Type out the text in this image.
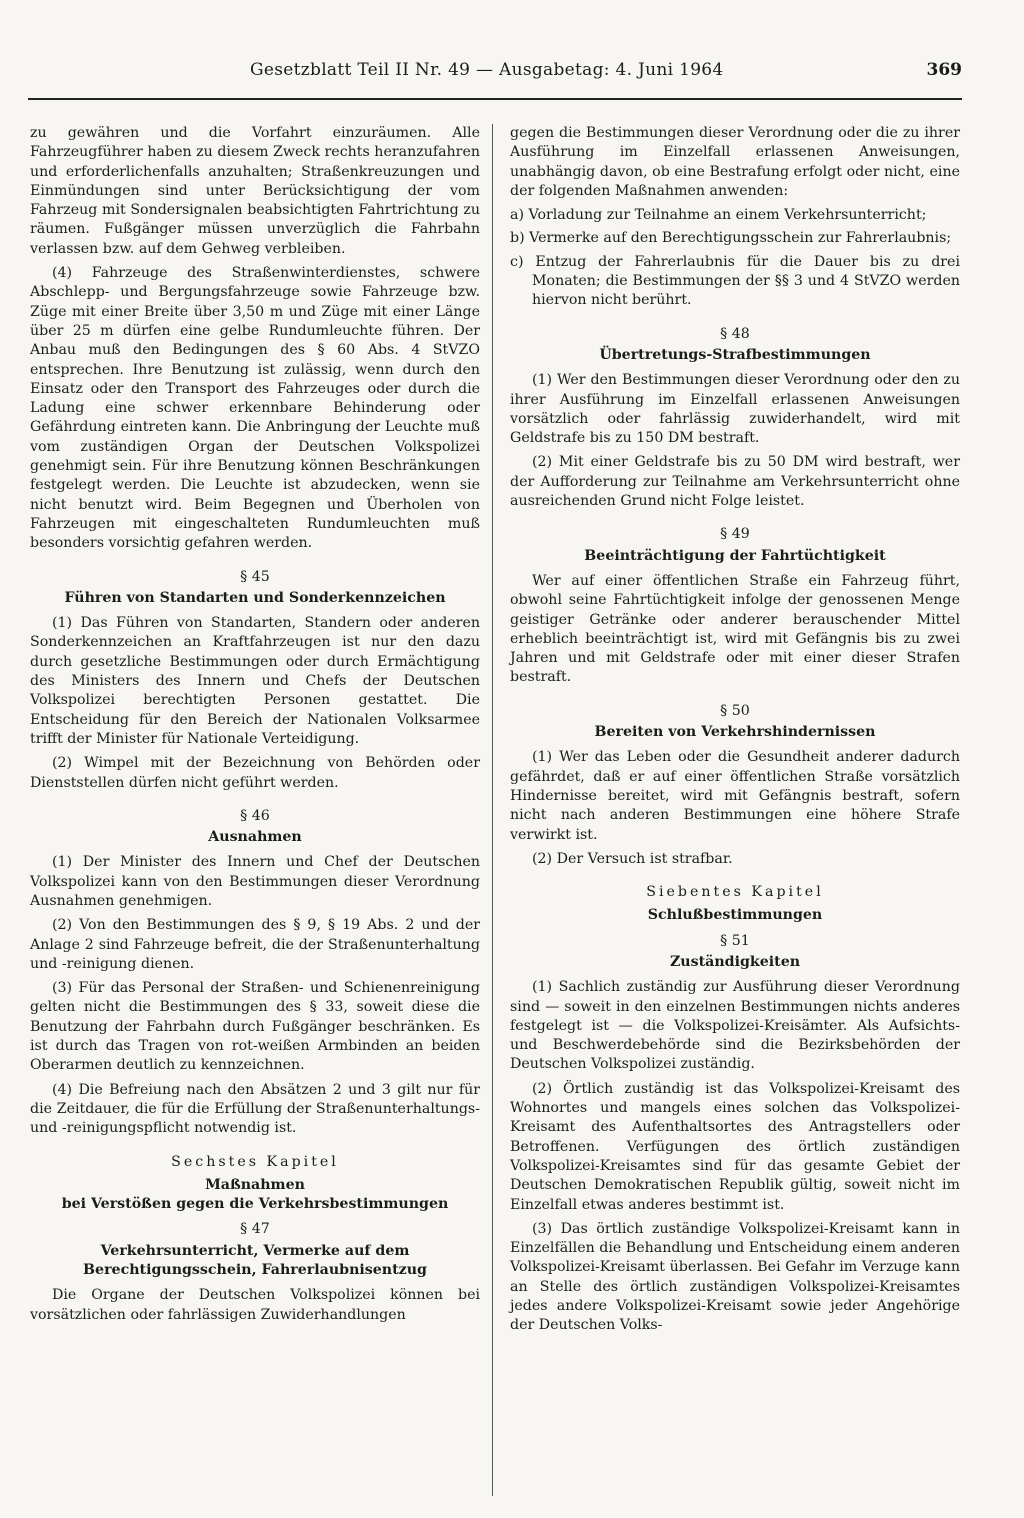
Gesetzblatt Teil II Nr. 49 — Ausgabetag: 4. Juni 1964	369

zu gewähren und die Vorfahrt einzuräumen. Alle Fahrzeugführer haben zu diesem Zweck rechts heranzufahren und erforderlichenfalls anzuhalten; Straßenkreuzungen und Einmündungen sind unter Berücksichtigung der vom Fahrzeug mit Sondersignalen beabsichtigten Fahrtrichtung zu räumen. Fußgänger müssen unverzüglich die Fahrbahn verlassen bzw. auf dem Gehweg verbleiben.

(4) Fahrzeuge des Straßenwinterdienstes, schwere Abschlepp- und Bergungsfahrzeuge sowie Fahrzeuge bzw. Züge mit einer Breite über 3,50 m und Züge mit einer Länge über 25 m dürfen eine gelbe Rundumleuchte führen. Der Anbau muß den Bedingungen des § 60 Abs. 4 StVZO entsprechen. Ihre Benutzung ist zulässig, wenn durch den Einsatz oder den Transport des Fahrzeuges oder durch die Ladung eine schwer erkennbare Behinderung oder Gefährdung eintreten kann. Die Anbringung der Leuchte muß vom zuständigen Organ der Deutschen Volkspolizei genehmigt sein. Für ihre Benutzung können Beschränkungen festgelegt werden. Die Leuchte ist abzudecken, wenn sie nicht benutzt wird. Beim Begegnen und Überholen von Fahrzeugen mit eingeschalteten Rundumleuchten muß besonders vorsichtig gefahren werden.

§ 45
Führen von Standarten und Sonderkennzeichen

(1) Das Führen von Standarten, Standern oder anderen Sonderkennzeichen an Kraftfahrzeugen ist nur den dazu durch gesetzliche Bestimmungen oder durch Ermächtigung des Ministers des Innern und Chefs der Deutschen Volkspolizei berechtigten Personen gestattet. Die Entscheidung für den Bereich der Nationalen Volksarmee trifft der Minister für Nationale Verteidigung.

(2) Wimpel mit der Bezeichnung von Behörden oder Dienststellen dürfen nicht geführt werden.

§ 46
Ausnahmen

(1) Der Minister des Innern und Chef der Deutschen Volkspolizei kann von den Bestimmungen dieser Verordnung Ausnahmen genehmigen.

(2) Von den Bestimmungen des § 9, § 19 Abs. 2 und der Anlage 2 sind Fahrzeuge befreit, die der Straßenunterhaltung und -reinigung dienen.

(3) Für das Personal der Straßen- und Schienenreinigung gelten nicht die Bestimmungen des § 33, soweit diese die Benutzung der Fahrbahn durch Fußgänger beschränken. Es ist durch das Tragen von rot-weißen Armbinden an beiden Oberarmen deutlich zu kennzeichnen.

(4) Die Befreiung nach den Absätzen 2 und 3 gilt nur für die Zeitdauer, die für die Erfüllung der Straßenunterhaltungs- und -reinigungspflicht notwendig ist.

Sechstes Kapitel
Maßnahmen
bei Verstößen gegen die Verkehrsbestimmungen
§ 47
Verkehrsunterricht, Vermerke auf dem
Berechtigungsschein, Fahrerlaubnisentzug

Die Organe der Deutschen Volkspolizei können bei vorsätzlichen oder fahrlässigen Zuwiderhandlungen

gegen die Bestimmungen dieser Verordnung oder die zu ihrer Ausführung im Einzelfall erlassenen Anweisungen, unabhängig davon, ob eine Bestrafung erfolgt oder nicht, eine der folgenden Maßnahmen anwenden:

a) Vorladung zur Teilnahme an einem Verkehrsunterricht;

b) Vermerke auf den Berechtigungsschein zur Fahrerlaubnis;

c) Entzug der Fahrerlaubnis für die Dauer bis zu drei Monaten; die Bestimmungen der §§ 3 und 4 StVZO werden hiervon nicht berührt.

§ 48
Übertretungs-Strafbestimmungen

(1) Wer den Bestimmungen dieser Verordnung oder den zu ihrer Ausführung im Einzelfall erlassenen Anweisungen vorsätzlich oder fahrlässig zuwiderhandelt, wird mit Geldstrafe bis zu 150 DM bestraft.

(2) Mit einer Geldstrafe bis zu 50 DM wird bestraft, wer der Aufforderung zur Teilnahme am Verkehrsunterricht ohne ausreichenden Grund nicht Folge leistet.

§ 49
Beeinträchtigung der Fahrtüchtigkeit

Wer auf einer öffentlichen Straße ein Fahrzeug führt, obwohl seine Fahrtüchtigkeit infolge der genossenen Menge geistiger Getränke oder anderer berauschender Mittel erheblich beeinträchtigt ist, wird mit Gefängnis bis zu zwei Jahren und mit Geldstrafe oder mit einer dieser Strafen bestraft.

§ 50
Bereiten von Verkehrshindernissen

(1) Wer das Leben oder die Gesundheit anderer dadurch gefährdet, daß er auf einer öffentlichen Straße vorsätzlich Hindernisse bereitet, wird mit Gefängnis bestraft, sofern nicht nach anderen Bestimmungen eine höhere Strafe verwirkt ist.

(2) Der Versuch ist strafbar.

Siebentes Kapitel
Schlußbestimmungen
§ 51
Zuständigkeiten

(1) Sachlich zuständig zur Ausführung dieser Verordnung sind — soweit in den einzelnen Bestimmungen nichts anderes festgelegt ist — die Volkspolizei-Kreisämter. Als Aufsichts- und Beschwerdebehörde sind die Bezirksbehörden der Deutschen Volkspolizei zuständig.

(2) Örtlich zuständig ist das Volkspolizei-Kreisamt des Wohnortes und mangels eines solchen das Volkspolizei-Kreisamt des Aufenthaltsortes des Antragstellers oder Betroffenen. Verfügungen des örtlich zuständigen Volkspolizei-Kreisamtes sind für das gesamte Gebiet der Deutschen Demokratischen Republik gültig, soweit nicht im Einzelfall etwas anderes bestimmt ist.

(3) Das örtlich zuständige Volkspolizei-Kreisamt kann in Einzelfällen die Behandlung und Entscheidung einem anderen Volkspolizei-Kreisamt überlassen. Bei Gefahr im Verzuge kann an Stelle des örtlich zuständigen Volkspolizei-Kreisamtes jedes andere Volkspolizei-Kreisamt sowie jeder Angehörige der Deutschen Volks-
